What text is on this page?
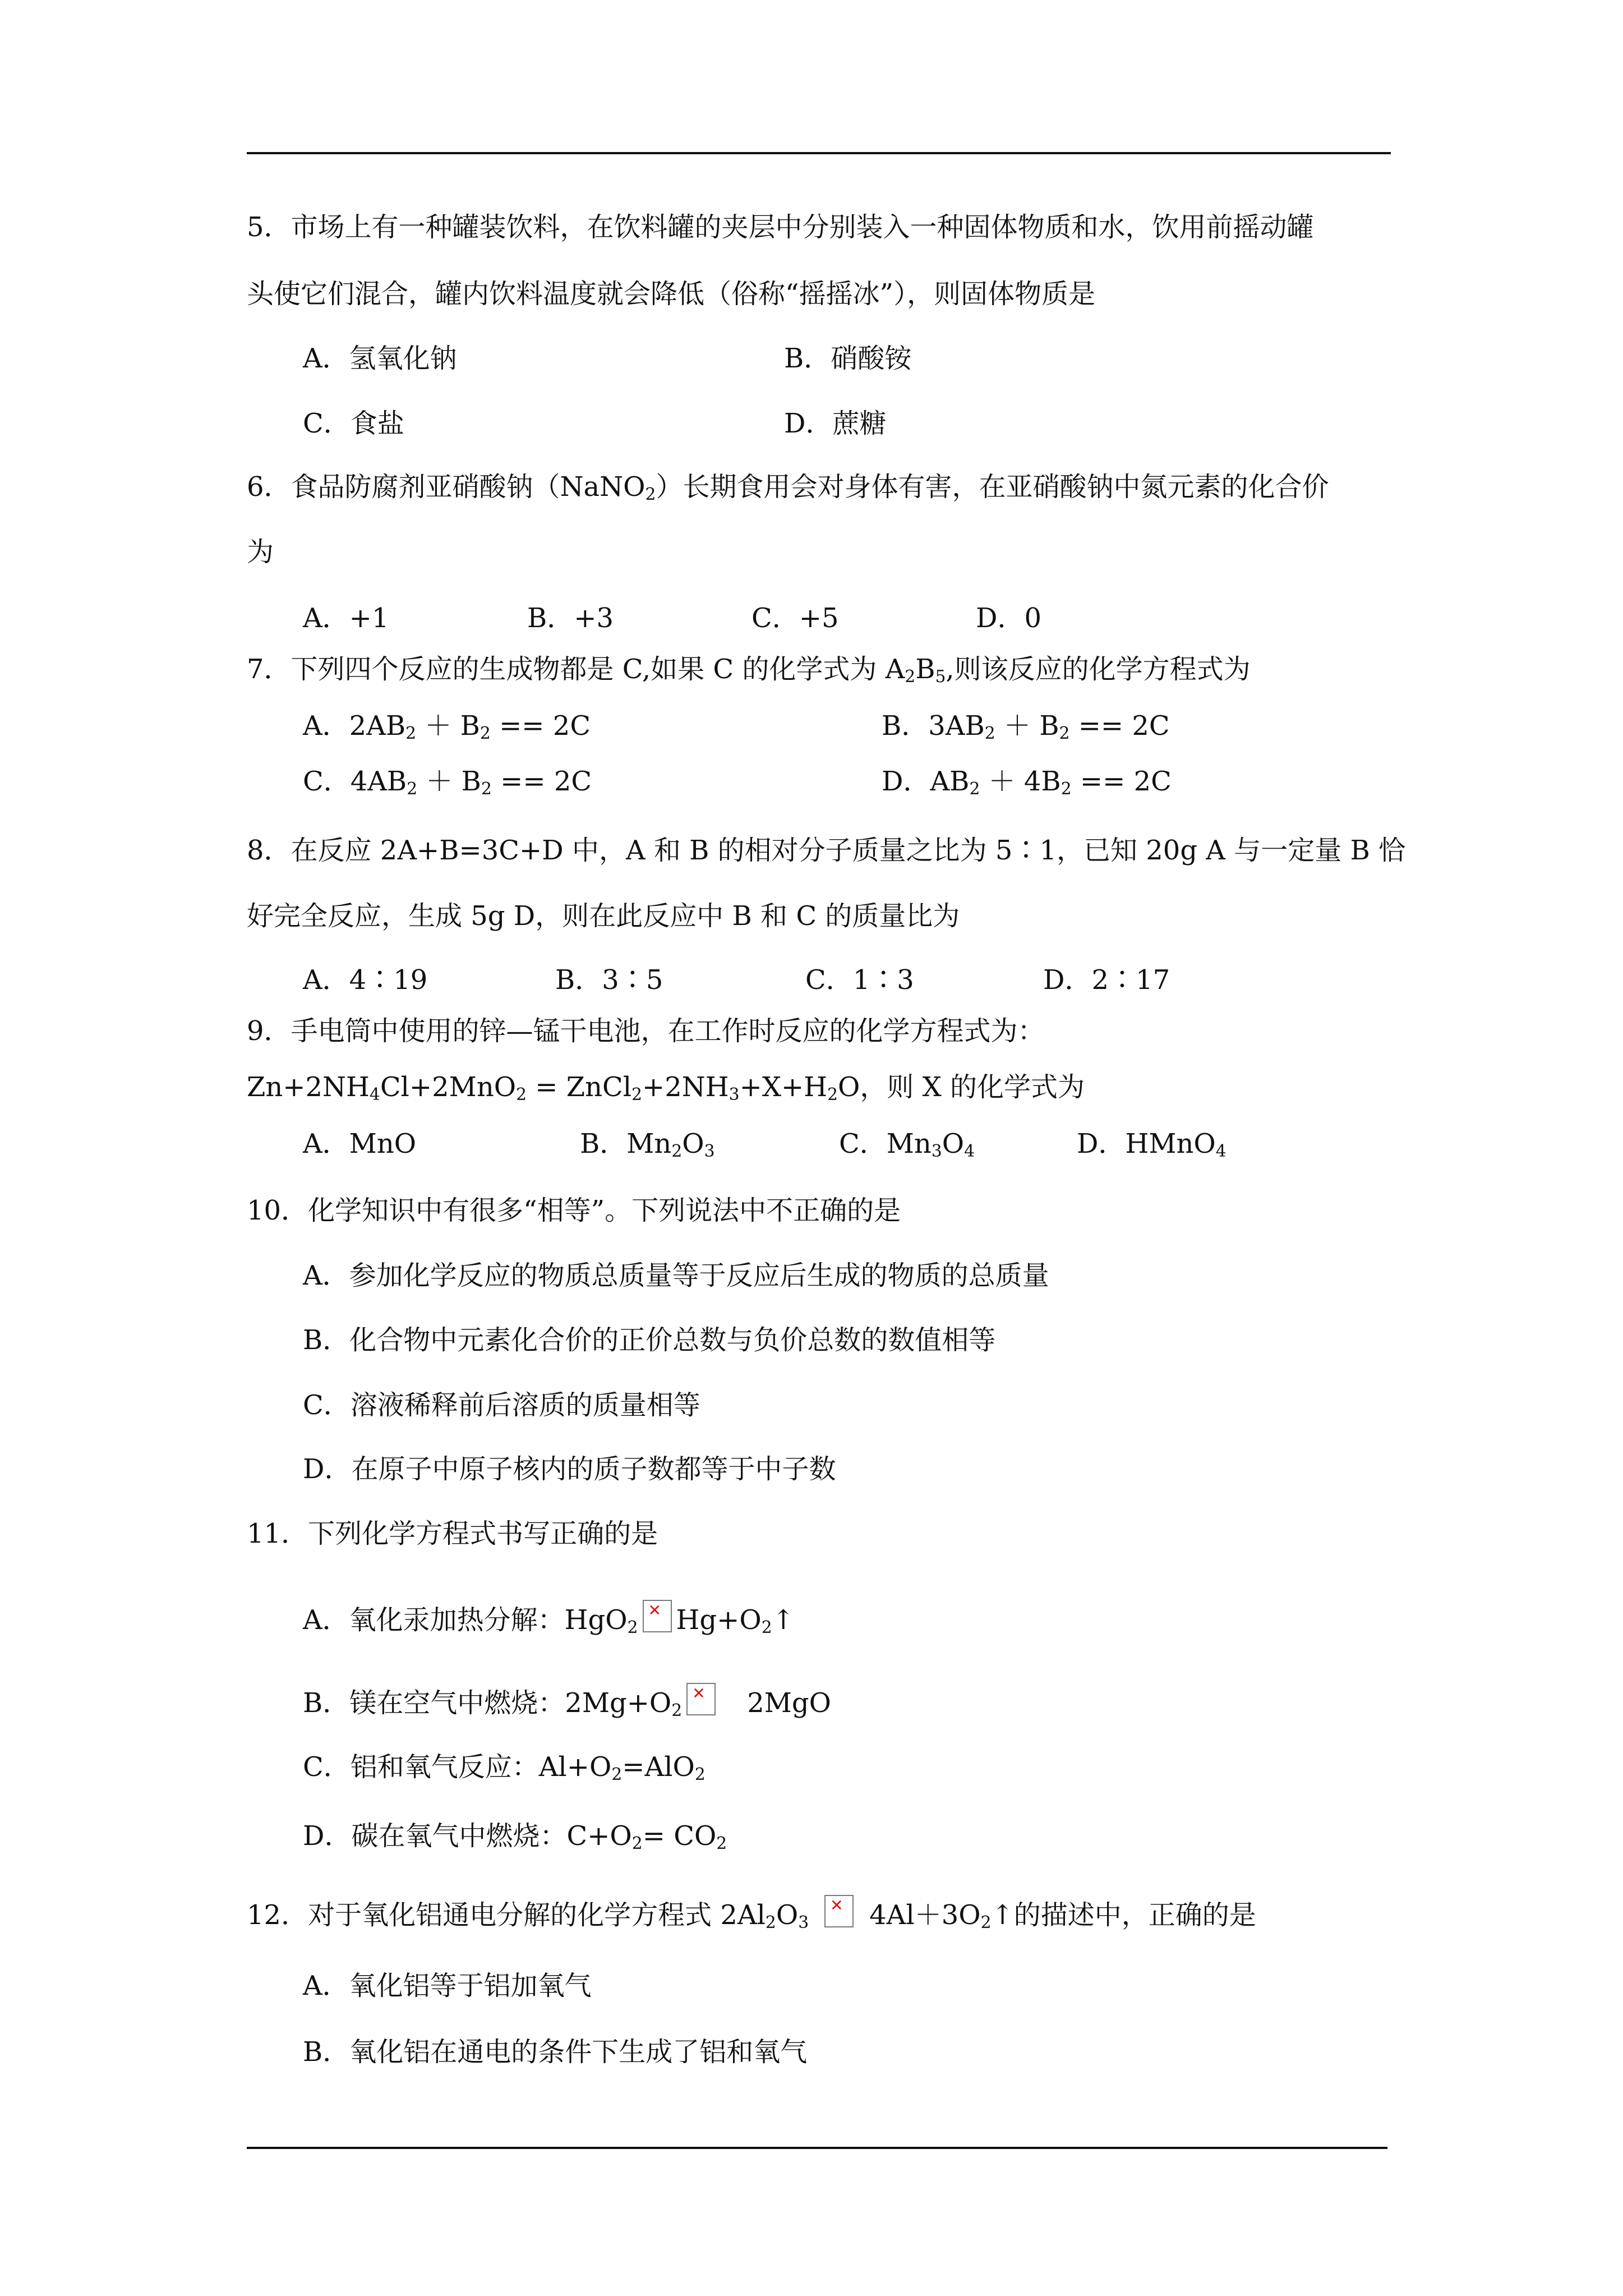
5．市场上有一种罐装饮料，在饮料罐的夹层中分别装入一种固体物质和水，饮用前摇动罐
头使它们混合，罐内饮料温度就会降低（俗称“摇摇冰”），则固体物质是
A．氢氧化钠	B．硝酸铵
C．食盐	D．蔗糖
6．食品防腐剂亚硝酸钠（NaNO$_2$）长期食用会对身体有害，在亚硝酸钠中氮元素的化合价
为
A．+1	B．+3	C．+5	D．0
7．下列四个反应的生成物都是 C,如果 C 的化学式为 $A_2B_5$,则该反应的化学方程式为
A．$2AB_2 + B_2 == 2C$	B．$3AB_2 + B_2 == 2C$
C．$4AB_2 + B_2 == 2C$	D．$AB_2 + 4B_2 == 2C$
8．在反应 2A+B=3C+D 中，A 和 B 的相对分子质量之比为 5∶1，已知 20g A 与一定量 B 恰
好完全反应，生成 5g D，则在此反应中 B 和 C 的质量比为
A．4∶19	B．3∶5	C．1∶3	D．2∶17
9．手电筒中使用的锌—锰干电池，在工作时反应的化学方程式为：
$Zn+2NH_4Cl+2MnO_2$ = $ZnCl_2+2NH_3+X+H_2O$，则 X 的化学式为
A．MnO	B．$Mn_2O_3$	C．$Mn_3O_4$	D．HMnO$_4$
10．化学知识中有很多“相等”。下列说法中不正确的是
A．参加化学反应的物质总质量等于反应后生成的物质的总质量
B．化合物中元素化合价的正价总数与负价总数的数值相等
C．溶液稀释前后溶质的质量相等
D．在原子中原子核内的质子数都等于中子数
11．下列化学方程式书写正确的是
A．氧化汞加热分解：HgO$_2$✕ $Hg+O_2↑$
B．镁在空气中燃烧：$2Mg+O_2✕$ 2MgO
C．铝和氧气反应：$Al+O_2=AlO_2$
D．碳在氧气中燃烧：$C+O_2= CO_2$
12．对于氧化铝通电分解的化学方程式 $2Al_2O_3✕$ $4Al+3O_2↑$的描述中，正确的是
A．氧化铝等于铝加氧气
B．氧化铝在通电的条件下生成了铝和氧气
